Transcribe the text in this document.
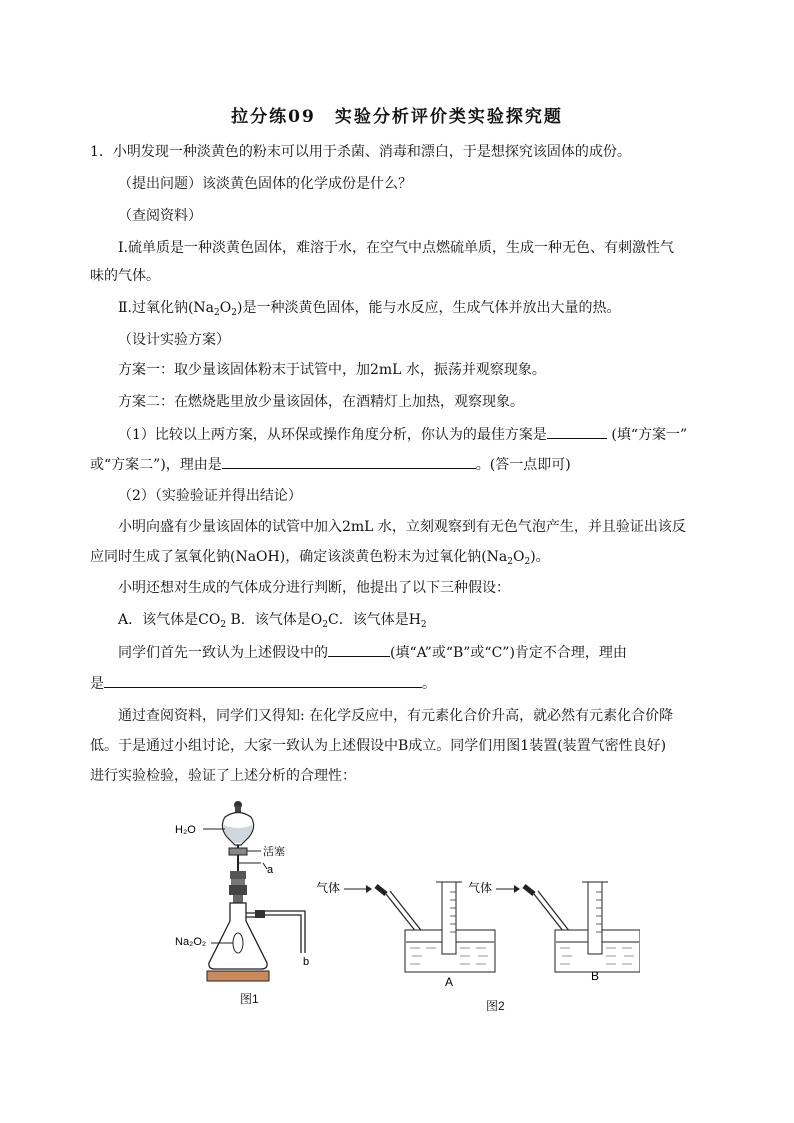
拉分练09　实验分析评价类实验探究题
1．小明发现一种淡黄色的粉末可以用于杀菌、消毒和漂白，于是想探究该固体的成份。
（提出问题）该淡黄色固体的化学成份是什么？
（查阅资料）
Ⅰ.硫单质是一种淡黄色固体，难溶于水，在空气中点燃硫单质，生成一种无色、有刺激性气
味的气体。
Ⅱ.过氧化钠$(Na_2O_2)$是一种淡黄色固体，能与水反应，生成气体并放出大量的热。
（设计实验方案）
方案一：取少量该固体粉末于试管中，加2mL 水，振荡并观察现象。
方案二：在燃烧匙里放少量该固体，在酒精灯上加热，观察现象。
（1）比较以上两方案，从环保或操作角度分析，你认为的最佳方案是	(填“方案一”
或“方案二”)，理由是	。(答一点即可)
（2）（实验验证并得出结论）
小明向盛有少量该固体的试管中加入2mL 水，立刻观察到有无色气泡产生，并且验证出该反
应同时生成了氢氧化钠(NaOH)，确定该淡黄色粉末为过氧化钠$(Na_2O_2)$。
小明还想对生成的气体成分进行判断，他提出了以下三种假设：
A．该气体是$CO_2$ B．该气体是$O_2C$．该气体是$H_2$
同学们首先一致认为上述假设中的	(填“A”或“B”或“C”)肯定不合理，理由
是	。
通过查阅资料，同学们又得知: 在化学反应中，有元素化合价升高，就必然有元素化合价降
低。于是通过小组讨论，大家一致认为上述假设中B成立。同学们用图1装置(装置气密性良好)
进行实验检验，验证了上述分析的合理性：
H₂O
活塞
a
Na₂O₂
b
图1
气体
A
气体
B
图2
